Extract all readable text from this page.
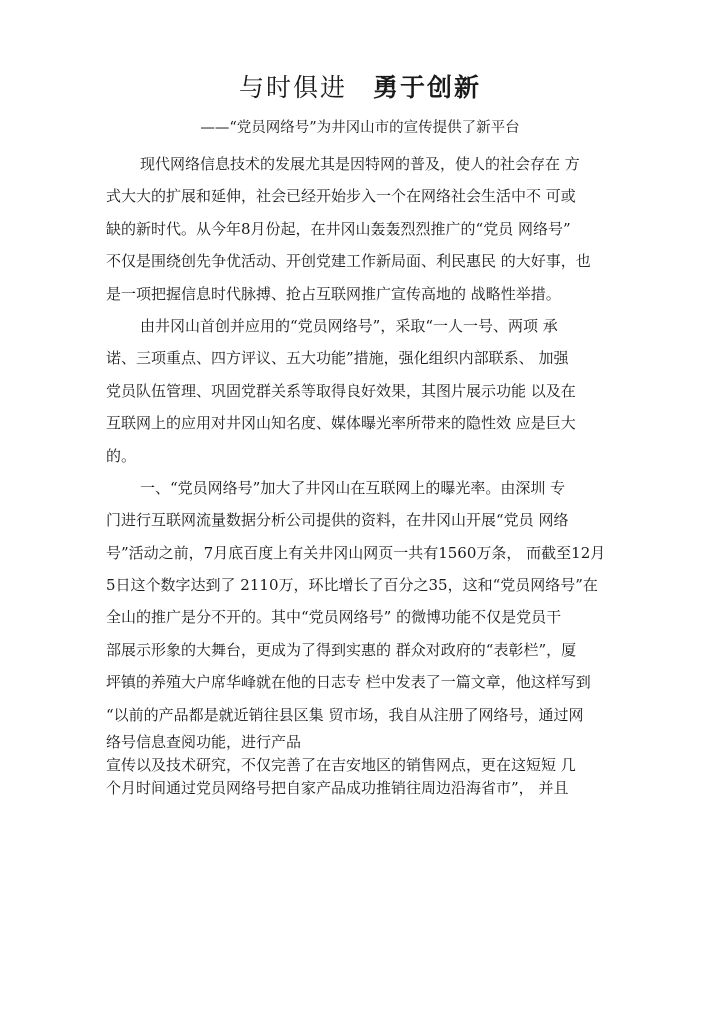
与时俱进 勇于创新

——“党员网络号”为井冈山市的宣传提供了新平台

现代网络信息技术的发展尤其是因特网的普及，使人的社会存在 方

式大大的扩展和延伸，社会已经开始步入一个在网络社会生活中不 可或

缺的新时代。从今年8月份起，在井冈山轰轰烈烈推广的“党员 网络号”

不仅是围绕创先争优活动、开创党建工作新局面、利民惠民 的大好事，也

是一项把握信息时代脉搏、抢占互联网推广宣传高地的 战略性举措。

由井冈山首创并应用的“党员网络号”，采取“一人一号、两项 承

诺、三项重点、四方评议、五大功能”措施，强化组织内部联系、 加强

党员队伍管理、巩固党群关系等取得良好效果，其图片展示功能 以及在

互联网上的应用对井冈山知名度、媒体曝光率所带来的隐性效 应是巨大

的。

一、“党员网络号”加大了井冈山在互联网上的曝光率。由深圳 专

门进行互联网流量数据分析公司提供的资料，在井冈山开展“党员 网络

号”活动之前，7月底百度上有关井冈山网页一共有1560万条， 而截至12月

5日这个数字达到了 2110万，环比增长了百分之35，这和“党员网络号”在

全山的推广是分不开的。其中“党员网络号” 的微博功能不仅是党员干

部展示形象的大舞台，更成为了得到实惠的 群众对政府的“表彰栏”，厦

坪镇的养殖大户席华峰就在他的日志专 栏中发表了一篇文章，他这样写到

“以前的产品都是就近销往县区集 贸市场，我自从注册了网络号，通过网

络号信息查阅功能，进行产品

宣传以及技术研究，不仅完善了在吉安地区的销售网点，更在这短短 几

个月时间通过党员网络号把自家产品成功推销往周边沿海省市”， 并且
